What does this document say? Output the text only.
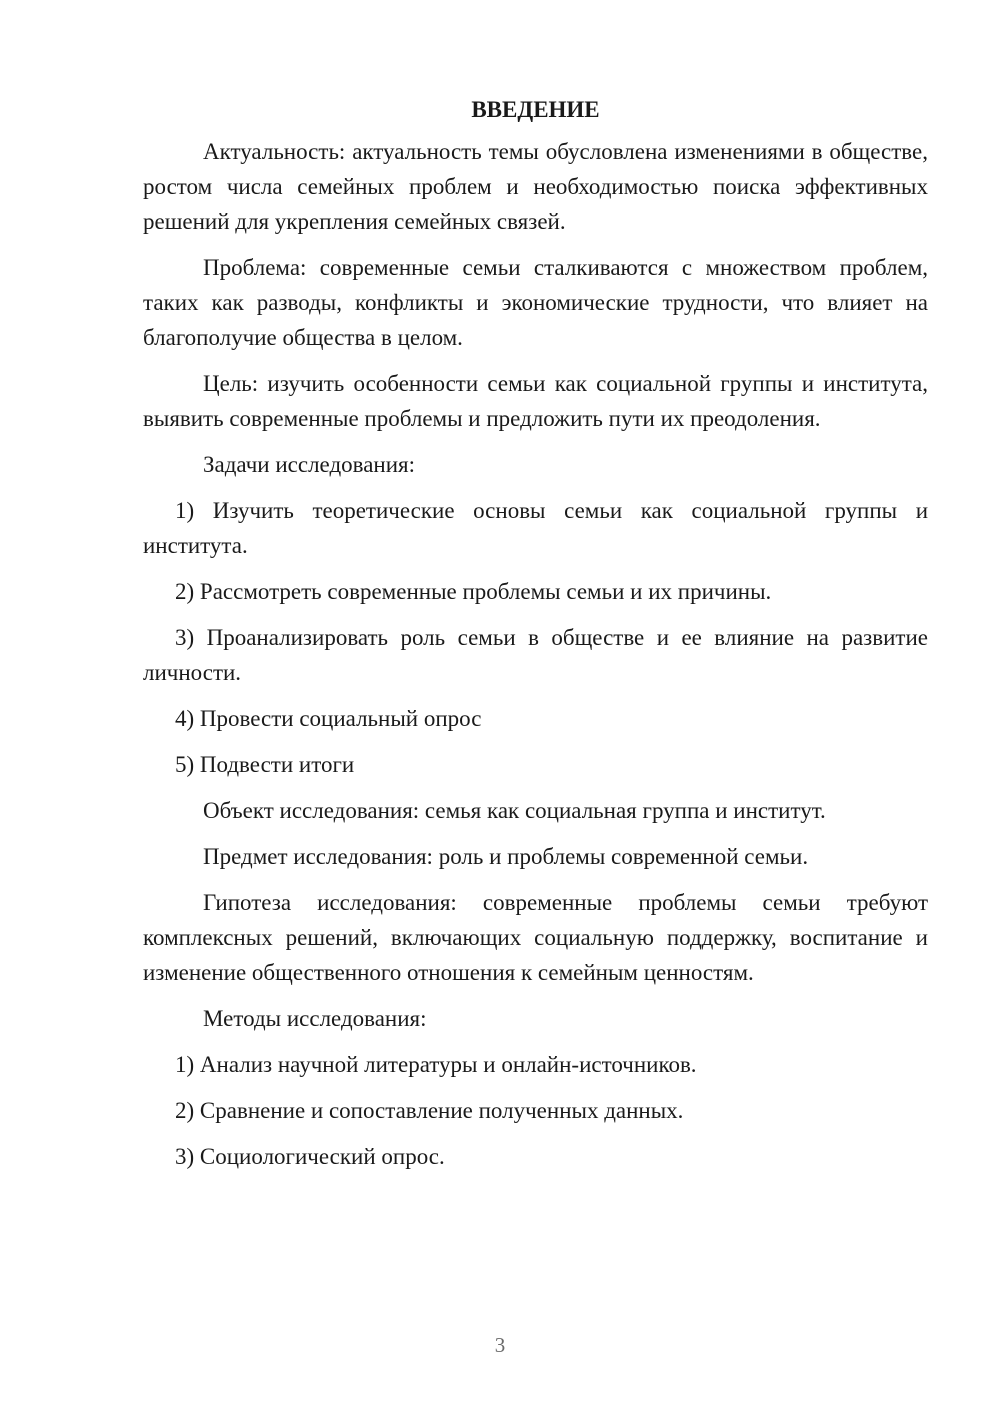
ВВЕДЕНИЕ

Актуальность: актуальность темы обусловлена изменениями в обществе, ростом числа семейных проблем и необходимостью поиска эффективных решений для укрепления семейных связей.

Проблема: современные семьи сталкиваются с множеством проблем, таких как разводы, конфликты и экономические трудности, что влияет на благополучие общества в целом.

Цель: изучить особенности семьи как социальной группы и института, выявить современные проблемы и предложить пути их преодоления.

Задачи исследования:

1) Изучить теоретические основы семьи как социальной группы и института.

2) Рассмотреть современные проблемы семьи и их причины.

3) Проанализировать роль семьи в обществе и ее влияние на развитие личности.

4) Провести социальный опрос

5) Подвести итоги

Объект исследования: семья как социальная группа и институт.

Предмет исследования: роль и проблемы современной семьи.

Гипотеза исследования: современные проблемы семьи требуют комплексных решений, включающих социальную поддержку, воспитание и изменение общественного отношения к семейным ценностям.

Методы исследования:

1) Анализ научной литературы и онлайн-источников.

2) Сравнение и сопоставление полученных данных.

3) Социологический опрос.

3
